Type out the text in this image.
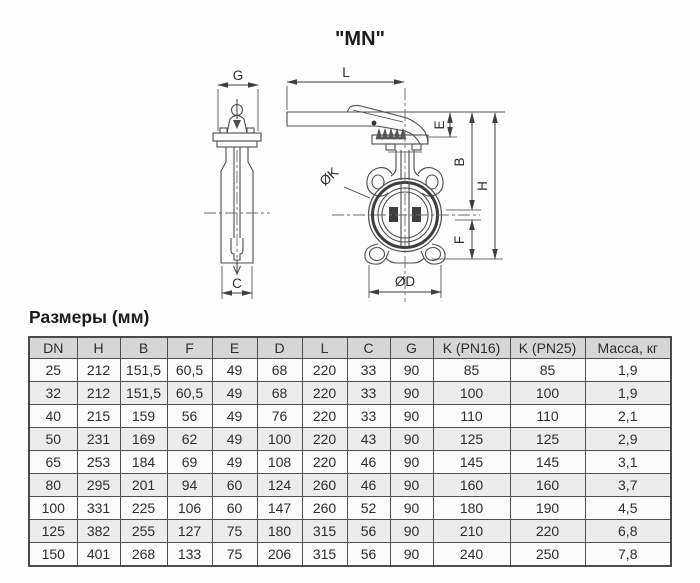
"MN"
G
C
L
E
B
F
H
ØK
ØD
Размеры (мм)
DN	H	B	F	E	D	L	C	G	K (PN16)	K (PN25)	Масса, кг
25	212	151,5	60,5	49	68	220	33	90	85	85	1,9
32	212	151,5	60,5	49	68	220	33	90	100	100	1,9
40	215	159	56	49	76	220	33	90	110	110	2,1
50	231	169	62	49	100	220	43	90	125	125	2,9
65	253	184	69	49	108	220	46	90	145	145	3,1
80	295	201	94	60	124	260	46	90	160	160	3,7
100	331	225	106	60	147	260	52	90	180	190	4,5
125	382	255	127	75	180	315	56	90	210	220	6,8
150	401	268	133	75	206	315	56	90	240	250	7,8
